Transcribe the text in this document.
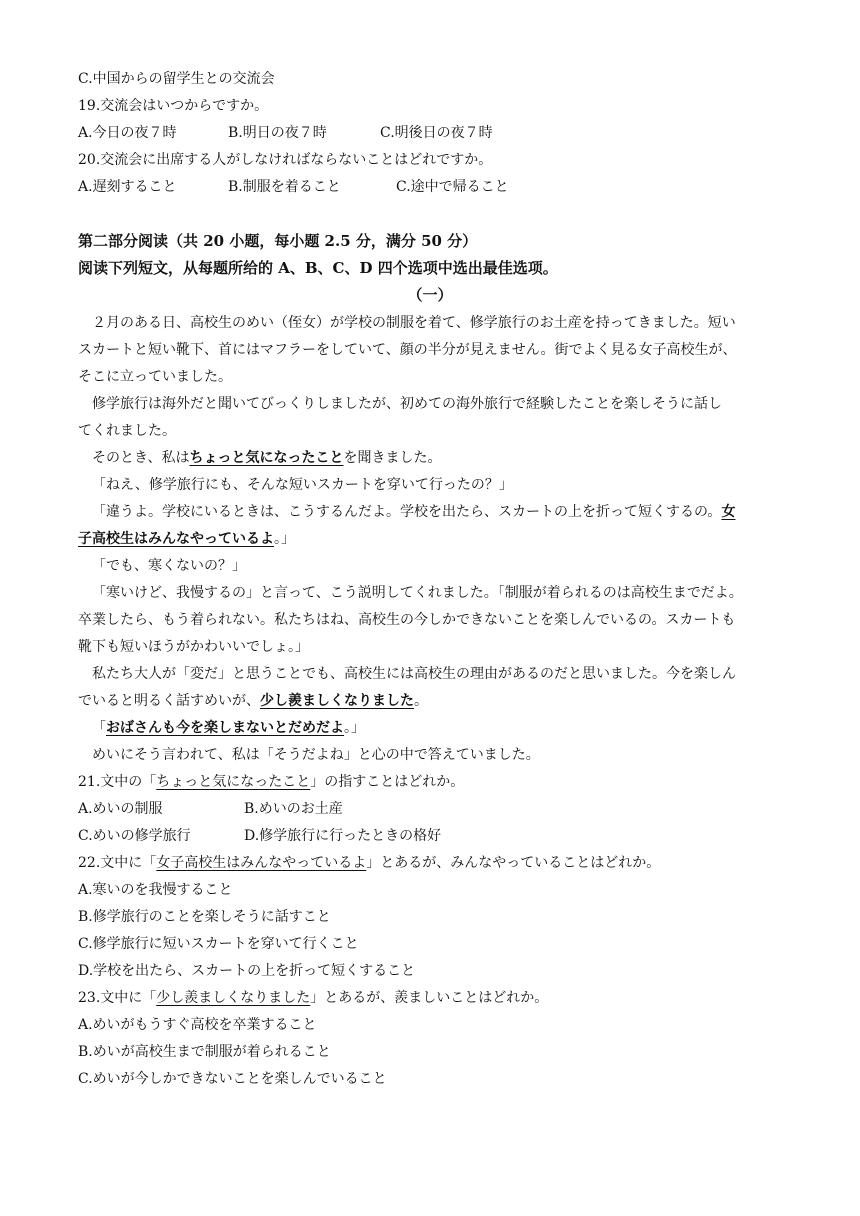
C.中国からの留学生との交流会
19.交流会はいつからですか。
A.今日の夜７時	B.明日の夜７時	C.明後日の夜７時
20.交流会に出席する人がしなければならないことはどれですか。
A.遅刻すること	B.制服を着ること	C.途中で帰ること
第二部分阅读（共 20 小题，每小题 2.5 分，满分 50 分）
阅读下列短文，从每题所给的 A、B、C、D 四个选项中选出最佳选项。
（一）
２月のある日、高校生のめい（侄女）が学校の制服を着て、修学旅行のお土産を持ってきました。短い
スカートと短い靴下、首にはマフラーをしていて、顔の半分が見えません。街でよく見る女子高校生が、
そこに立っていました。
修学旅行は海外だと聞いてびっくりしましたが、初めての海外旅行で経験したことを楽しそうに話し
てくれました。
そのとき、私はちょっと気になったことを聞きました。
「ねえ、修学旅行にも、そんな短いスカートを穿いて行ったの？」
「違うよ。学校にいるときは、こうするんだよ。学校を出たら、スカートの上を折って短くするの。女
子高校生はみんなやっているよ。」
「でも、寒くないの？」
「寒いけど、我慢するの」と言って、こう説明してくれました。「制服が着られるのは高校生までだよ。
卒業したら、もう着られない。私たちはね、高校生の今しかできないことを楽しんでいるの。スカートも
靴下も短いほうがかわいいでしょ。」
私たち大人が「変だ」と思うことでも、高校生には高校生の理由があるのだと思いました。今を楽しん
でいると明るく話すめいが、少し羨ましくなりました。
「おばさんも今を楽しまないとだめだよ。」
めいにそう言われて、私は「そうだよね」と心の中で答えていました。
21.文中の「ちょっと気になったこと」の指すことはどれか。
A.めいの制服	B.めいのお土産
C.めいの修学旅行	D.修学旅行に行ったときの格好
22.文中に「女子高校生はみんなやっているよ」とあるが、みんなやっていることはどれか。
A.寒いのを我慢すること
B.修学旅行のことを楽しそうに話すこと
C.修学旅行に短いスカートを穿いて行くこと
D.学校を出たら、スカートの上を折って短くすること
23.文中に「少し羨ましくなりました」とあるが、羨ましいことはどれか。
A.めいがもうすぐ高校を卒業すること
B.めいが高校生まで制服が着られること
C.めいが今しかできないことを楽しんでいること
